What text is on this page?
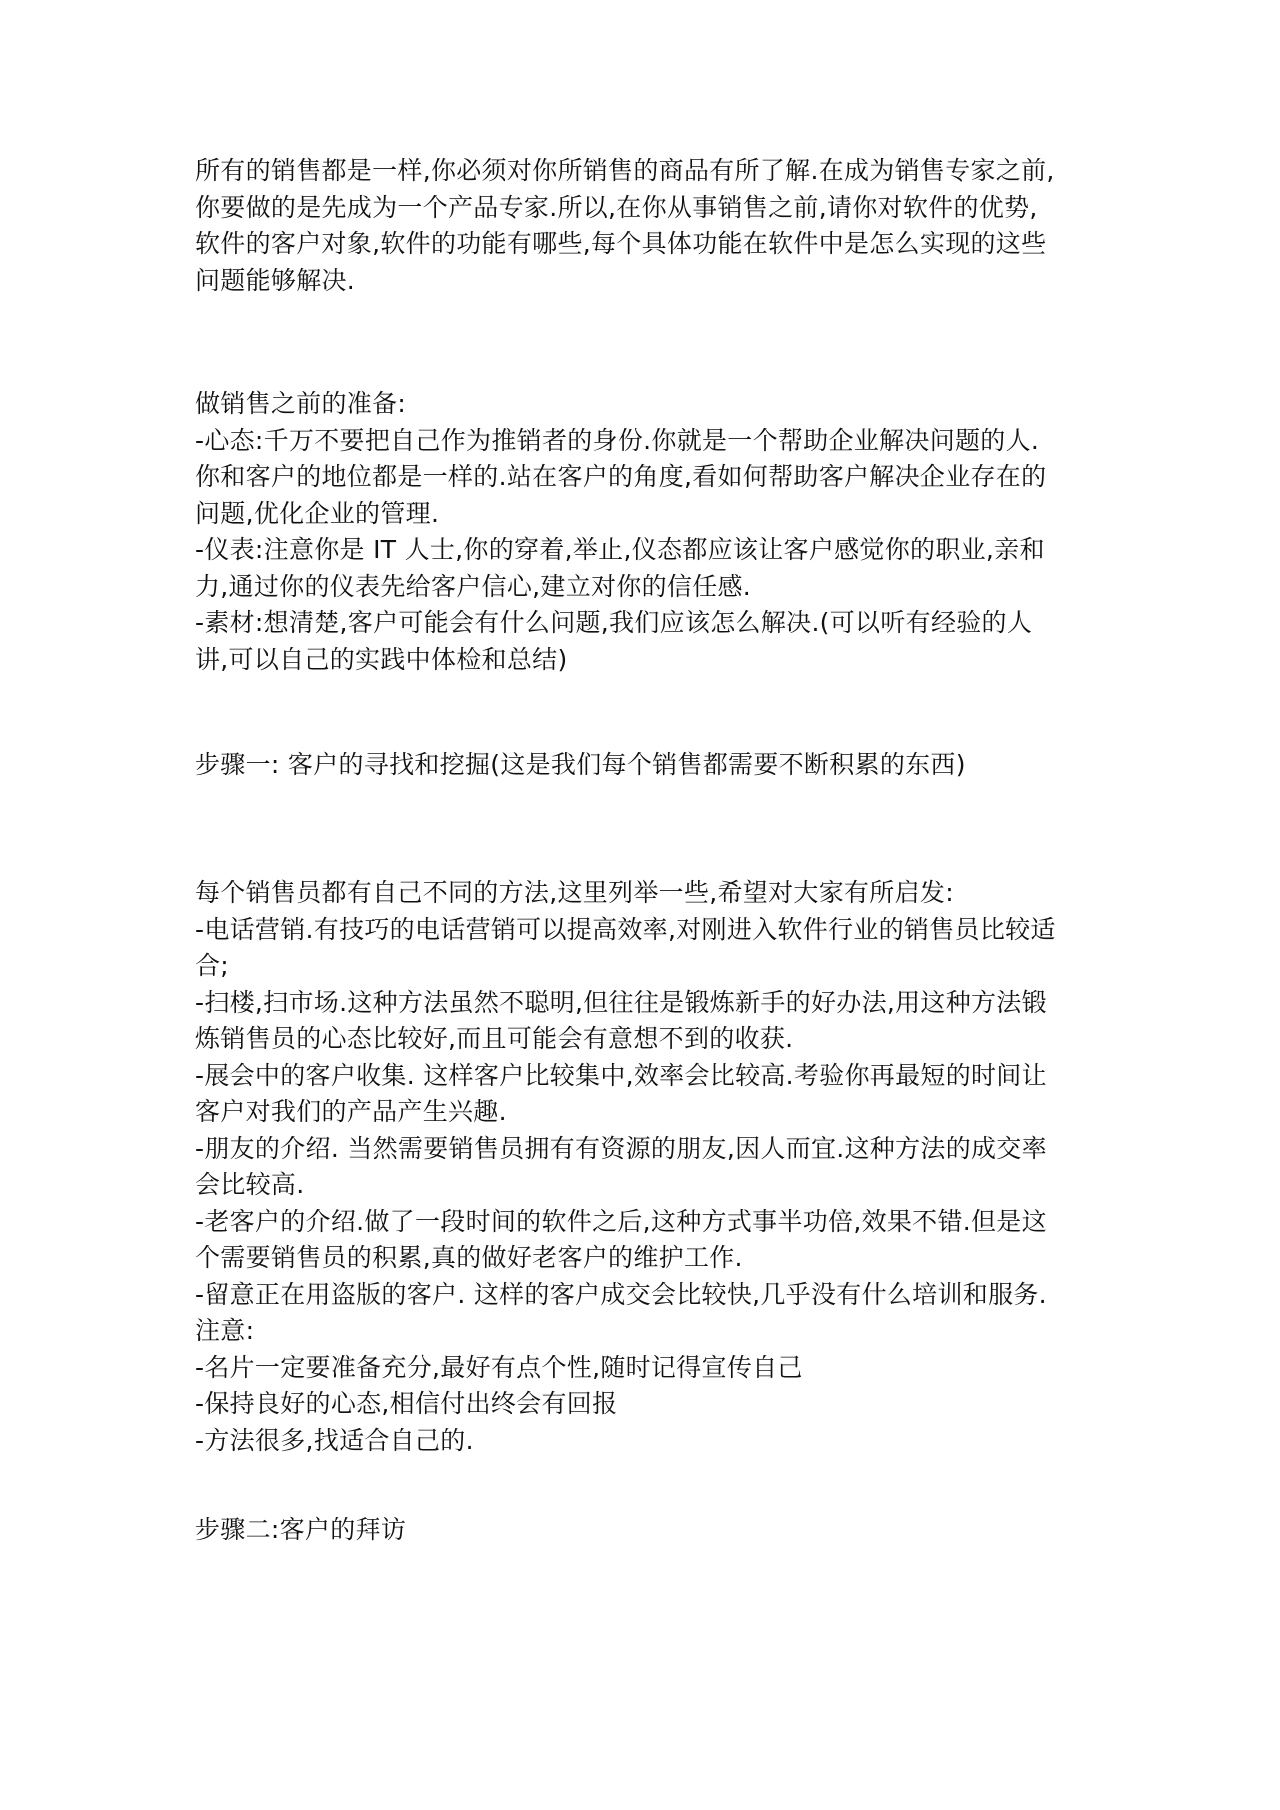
所有的销售都是一样,你必须对你所销售的商品有所了解.在成为销售专家之前,
你要做的是先成为一个产品专家.所以,在你从事销售之前,请你对软件的优势,
软件的客户对象,软件的功能有哪些,每个具体功能在软件中是怎么实现的这些
问题能够解决.
做销售之前的准备:
-心态:千万不要把自己作为推销者的身份.你就是一个帮助企业解决问题的人.
你和客户的地位都是一样的.站在客户的角度,看如何帮助客户解决企业存在的
问题,优化企业的管理.
-仪表:注意你是 IT 人士,你的穿着,举止,仪态都应该让客户感觉你的职业,亲和
力,通过你的仪表先给客户信心,建立对你的信任感.
-素材:想清楚,客户可能会有什么问题,我们应该怎么解决.(可以听有经验的人
讲,可以自己的实践中体检和总结)
步骤一: 客户的寻找和挖掘(这是我们每个销售都需要不断积累的东西)
每个销售员都有自己不同的方法,这里列举一些,希望对大家有所启发:
-电话营销.有技巧的电话营销可以提高效率,对刚进入软件行业的销售员比较适
合;
-扫楼,扫市场.这种方法虽然不聪明,但往往是锻炼新手的好办法,用这种方法锻
炼销售员的心态比较好,而且可能会有意想不到的收获.
-展会中的客户收集. 这样客户比较集中,效率会比较高.考验你再最短的时间让
客户对我们的产品产生兴趣.
-朋友的介绍. 当然需要销售员拥有有资源的朋友,因人而宜.这种方法的成交率
会比较高.
-老客户的介绍.做了一段时间的软件之后,这种方式事半功倍,效果不错.但是这
个需要销售员的积累,真的做好老客户的维护工作.
-留意正在用盗版的客户. 这样的客户成交会比较快,几乎没有什么培训和服务.
注意:
-名片一定要准备充分,最好有点个性,随时记得宣传自己
-保持良好的心态,相信付出终会有回报
-方法很多,找适合自己的.
步骤二:客户的拜访
